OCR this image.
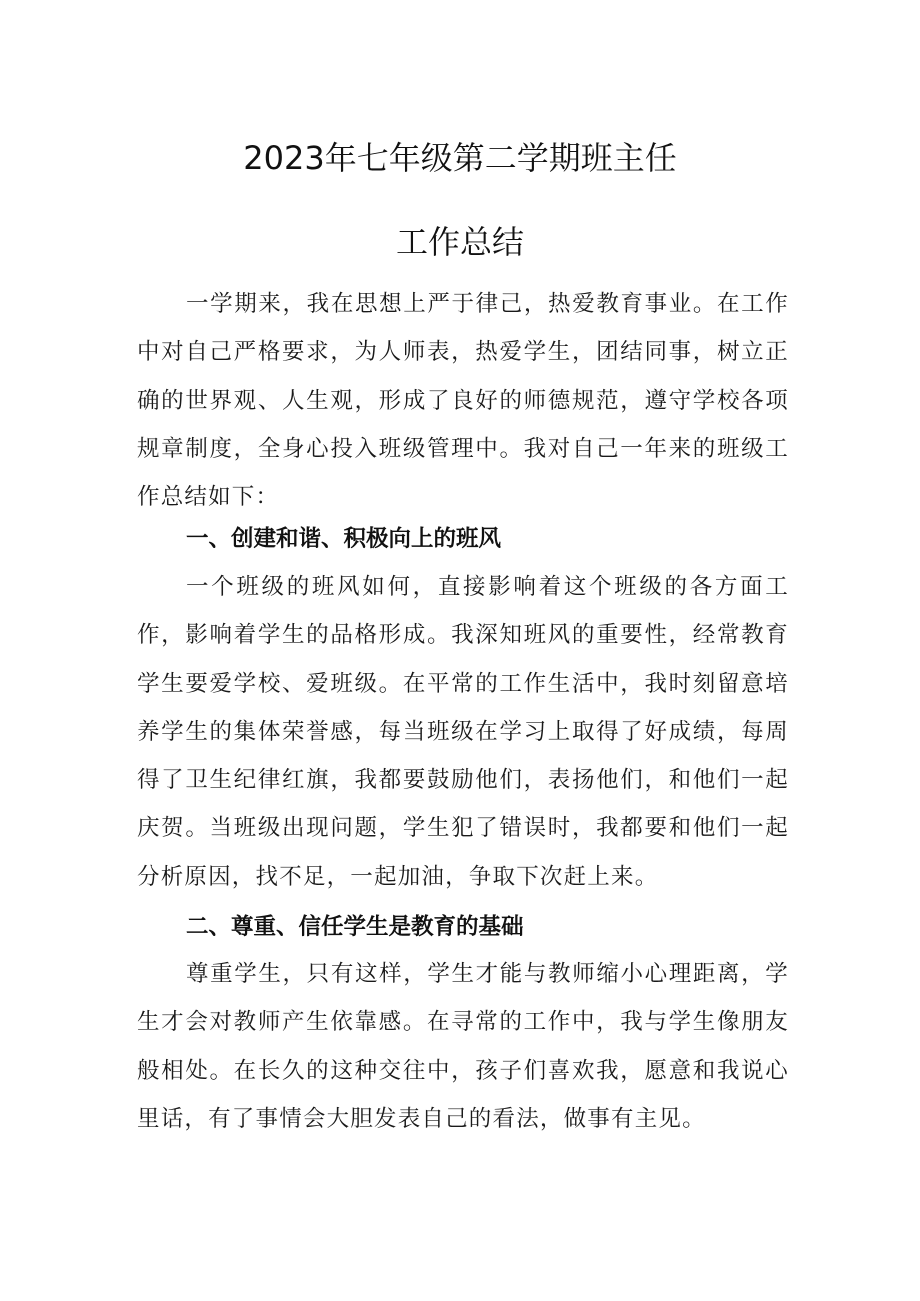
2023年七年级第二学期班主任
工作总结

一学期来，我在思想上严于律己，热爱教育事业。在工作中对自己严格要求，为人师表，热爱学生，团结同事，树立正确的世界观、人生观，形成了良好的师德规范，遵守学校各项规章制度，全身心投入班级管理中。我对自己一年来的班级工作总结如下：

一、创建和谐、积极向上的班风

一个班级的班风如何，直接影响着这个班级的各方面工作，影响着学生的品格形成。我深知班风的重要性，经常教育学生要爱学校、爱班级。在平常的工作生活中，我时刻留意培养学生的集体荣誉感，每当班级在学习上取得了好成绩，每周得了卫生纪律红旗，我都要鼓励他们，表扬他们，和他们一起庆贺。当班级出现问题，学生犯了错误时，我都要和他们一起分析原因，找不足，一起加油，争取下次赶上来。

二、尊重、信任学生是教育的基础

尊重学生，只有这样，学生才能与教师缩小心理距离，学生才会对教师产生依靠感。在寻常的工作中，我与学生像朋友般相处。在长久的这种交往中，孩子们喜欢我，愿意和我说心里话，有了事情会大胆发表自己的看法，做事有主见。
